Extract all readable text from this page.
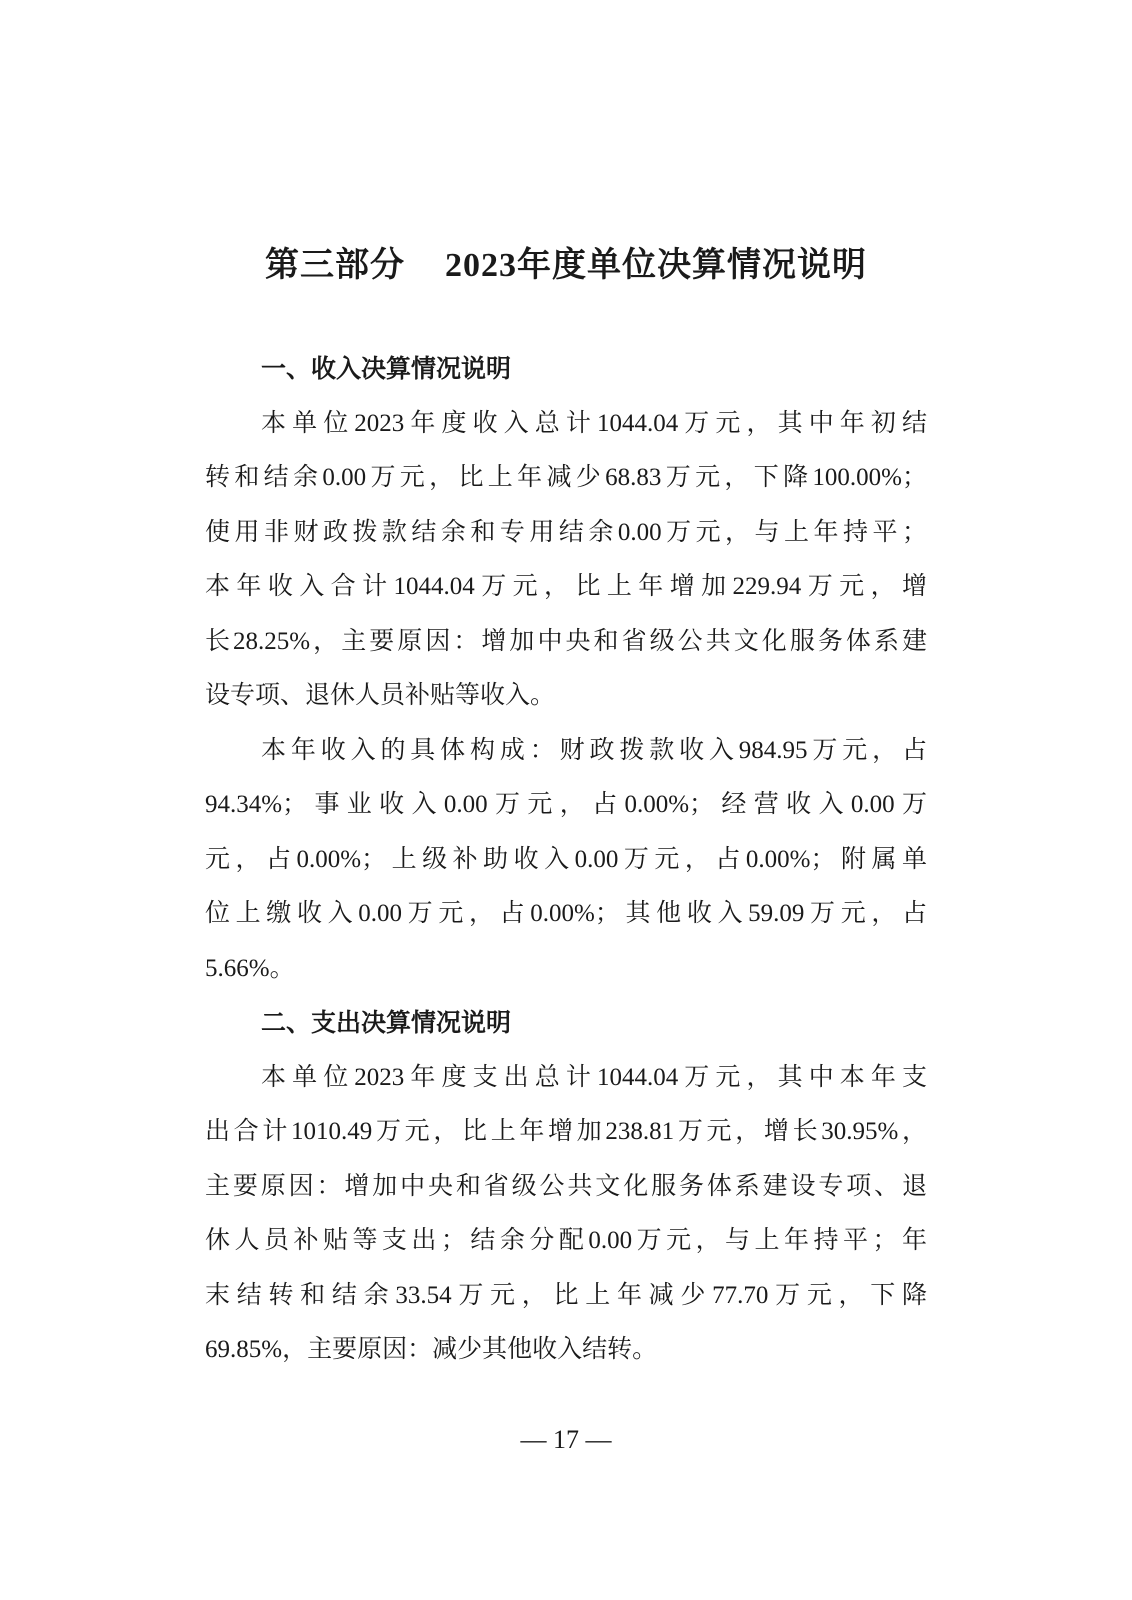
第三部分 2023年度单位决算情况说明
一、收入决算情况说明
本单位2023年度收入总计1044.04万元，其中年初结
转和结余0.00万元，比上年减少68.83万元，下降100.00%；
使用非财政拨款结余和专用结余0.00万元，与上年持平；
本年收入合计1044.04万元，比上年增加229.94万元，增
长28.25%，主要原因：增加中央和省级公共文化服务体系建
设专项、退休人员补贴等收入。
本年收入的具体构成：财政拨款收入984.95万元，占
94.34%；事业收入0.00万元，占0.00%；经营收入0.00万
元，占0.00%；上级补助收入0.00万元，占0.00%；附属单
位上缴收入0.00万元，占0.00%；其他收入59.09万元，占
5.66%。
二、支出决算情况说明
本单位2023年度支出总计1044.04万元，其中本年支
出合计1010.49万元，比上年增加238.81万元，增长30.95%，
主要原因：增加中央和省级公共文化服务体系建设专项、退
休人员补贴等支出；结余分配0.00万元，与上年持平；年
末结转和结余33.54万元，比上年减少77.70万元，下降
69.85%，主要原因：减少其他收入结转。
— 17 —
